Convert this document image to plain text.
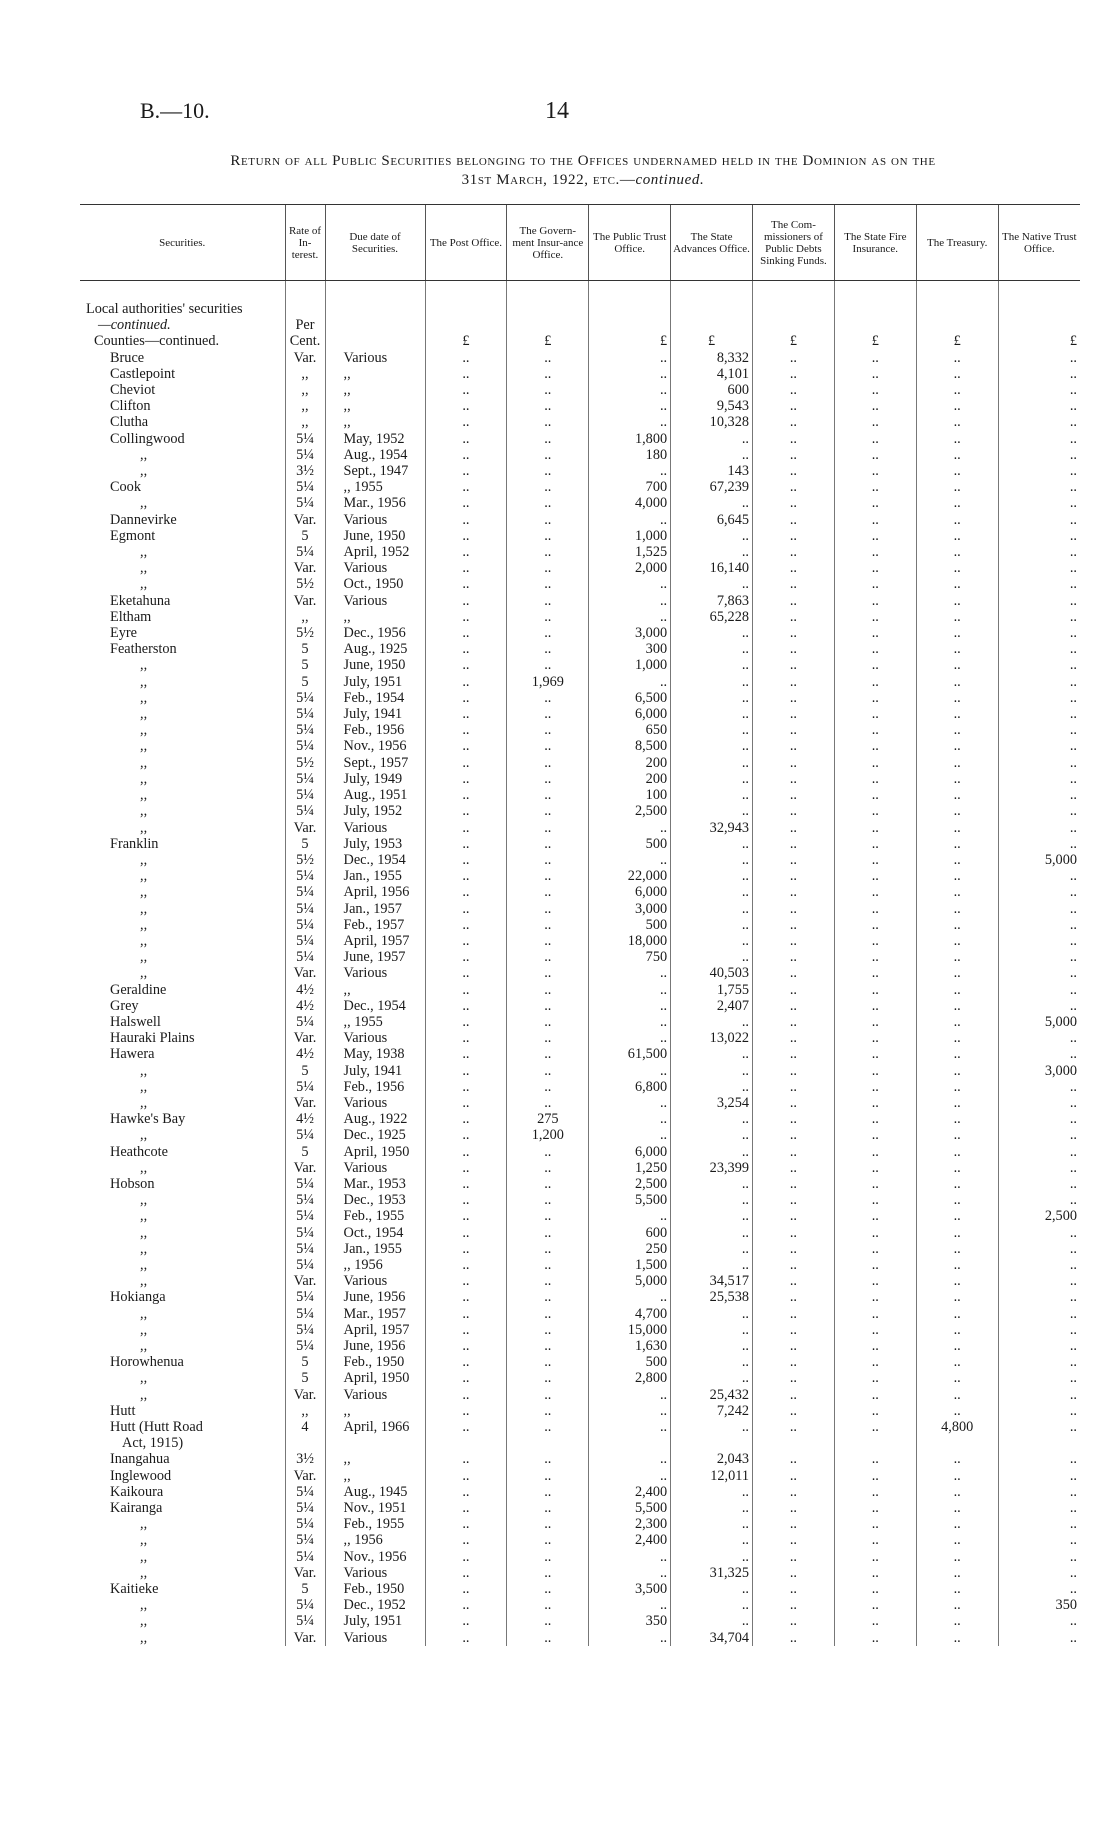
B.—10.	14
Return of all Public Securities belonging to the Offices undernamed held in the Dominion as on the
31st March, 1922, etc.—continued.
Securities.	Rate of In-terest.	Due date of Securities.	The Post Office.	The Govern-ment Insur-ance Office.	The Public Trust Office.	The State Advances Office.	The Com-missioners of Public Debts Sinking Funds.	The State Fire Insurance.	The Treasury.	The Native Trust Office.

Local authorities' securities										
—continued.	Per									
Counties—continued.	Cent.		£	£	£	£	£	£	£	£
Bruce	Var.	Various	..	..	..	8,332	..	..	..	..
Castlepoint	,,	,,	..	..	..	4,101	..	..	..	..
Cheviot	,,	,,	..	..	..	600	..	..	..	..
Clifton	,,	,,	..	..	..	9,543	..	..	..	..
Clutha	,,	,,	..	..	..	10,328	..	..	..	..
Collingwood	5¼	May, 1952	..	..	1,800	..	..	..	..	..
,,	5¼	Aug., 1954	..	..	180	..	..	..	..	..
,,	3½	Sept., 1947	..	..	..	143	..	..	..	..
Cook	5¼	,, 1955	..	..	700	67,239	..	..	..	..
,,	5¼	Mar., 1956	..	..	4,000	..	..	..	..	..
Dannevirke	Var.	Various	..	..	..	6,645	..	..	..	..
Egmont	5	June, 1950	..	..	1,000	..	..	..	..	..
,,	5¼	April, 1952	..	..	1,525	..	..	..	..	..
,,	Var.	Various	..	..	2,000	16,140	..	..	..	..
,,	5½	Oct., 1950	..	..	..	..	..	..	..	..
Eketahuna	Var.	Various	..	..	..	7,863	..	..	..	..
Eltham	,,	,,	..	..	..	65,228	..	..	..	..
Eyre	5½	Dec., 1956	..	..	3,000	..	..	..	..	..
Featherston	5	Aug., 1925	..	..	300	..	..	..	..	..
,,	5	June, 1950	..	..	1,000	..	..	..	..	..
,,	5	July, 1951	..	1,969	..	..	..	..	..	..
,,	5¼	Feb., 1954	..	..	6,500	..	..	..	..	..
,,	5¼	July, 1941	..	..	6,000	..	..	..	..	..
,,	5¼	Feb., 1956	..	..	650	..	..	..	..	..
,,	5¼	Nov., 1956	..	..	8,500	..	..	..	..	..
,,	5½	Sept., 1957	..	..	200	..	..	..	..	..
,,	5¼	July, 1949	..	..	200	..	..	..	..	..
,,	5¼	Aug., 1951	..	..	100	..	..	..	..	..
,,	5¼	July, 1952	..	..	2,500	..	..	..	..	..
,,	Var.	Various	..	..	..	32,943	..	..	..	..
Franklin	5	July, 1953	..	..	500	..	..	..	..	..
,,	5½	Dec., 1954	..	..	..	..	..	..	..	5,000
,,	5¼	Jan., 1955	..	..	22,000	..	..	..	..	..
,,	5¼	April, 1956	..	..	6,000	..	..	..	..	..
,,	5¼	Jan., 1957	..	..	3,000	..	..	..	..	..
,,	5¼	Feb., 1957	..	..	500	..	..	..	..	..
,,	5¼	April, 1957	..	..	18,000	..	..	..	..	..
,,	5¼	June, 1957	..	..	750	..	..	..	..	..
,,	Var.	Various	..	..	..	40,503	..	..	..	..
Geraldine	4½	,,	..	..	..	1,755	..	..	..	..
Grey	4½	Dec., 1954	..	..	..	2,407	..	..	..	..
Halswell	5¼	,, 1955	..	..	..	..	..	..	..	5,000
Hauraki Plains	Var.	Various	..	..	..	13,022	..	..	..	..
Hawera	4½	May, 1938	..	..	61,500	..	..	..	..	..
,,	5	July, 1941	..	..	..	..	..	..	..	3,000
,,	5¼	Feb., 1956	..	..	6,800	..	..	..	..	..
,,	Var.	Various	..	..	..	3,254	..	..	..	..
Hawke's Bay	4½	Aug., 1922	..	275	..	..	..	..	..	..
,,	5¼	Dec., 1925	..	1,200	..	..	..	..	..	..
Heathcote	5	April, 1950	..	..	6,000	..	..	..	..	..
,,	Var.	Various	..	..	1,250	23,399	..	..	..	..
Hobson	5¼	Mar., 1953	..	..	2,500	..	..	..	..	..
,,	5¼	Dec., 1953	..	..	5,500	..	..	..	..	..
,,	5¼	Feb., 1955	..	..	..	..	..	..	..	2,500
,,	5¼	Oct., 1954	..	..	600	..	..	..	..	..
,,	5¼	Jan., 1955	..	..	250	..	..	..	..	..
,,	5¼	,, 1956	..	..	1,500	..	..	..	..	..
,,	Var.	Various	..	..	5,000	34,517	..	..	..	..
Hokianga	5¼	June, 1956	..	..	..	25,538	..	..	..	..
,,	5¼	Mar., 1957	..	..	4,700	..	..	..	..	..
,,	5¼	April, 1957	..	..	15,000	..	..	..	..	..
,,	5¼	June, 1956	..	..	1,630	..	..	..	..	..
Horowhenua	5	Feb., 1950	..	..	500	..	..	..	..	..
,,	5	April, 1950	..	..	2,800	..	..	..	..	..
,,	Var.	Various	..	..	..	25,432	..	..	..	..
Hutt	,,	,,	..	..	..	7,242	..	..	..	..
Hutt (Hutt Road	4	April, 1966	..	..	..	..	..	..	4,800	..
Act, 1915)										
Inangahua	3½	,,	..	..	..	2,043	..	..	..	..
Inglewood	Var.	,,	..	..	..	12,011	..	..	..	..
Kaikoura	5¼	Aug., 1945	..	..	2,400	..	..	..	..	..
Kairanga	5¼	Nov., 1951	..	..	5,500	..	..	..	..	..
,,	5¼	Feb., 1955	..	..	2,300	..	..	..	..	..
,,	5¼	,, 1956	..	..	2,400	..	..	..	..	..
,,	5¼	Nov., 1956	..	..	..	..	..	..	..	..
,,	Var.	Various	..	..	..	31,325	..	..	..	..
Kaitieke	5	Feb., 1950	..	..	3,500	..	..	..	..	..
,,	5¼	Dec., 1952	..	..	..	..	..	..	..	350
,,	5¼	July, 1951	..	..	350	..	..	..	..	..
,,	Var.	Various	..	..	..	34,704	..	..	..	..
